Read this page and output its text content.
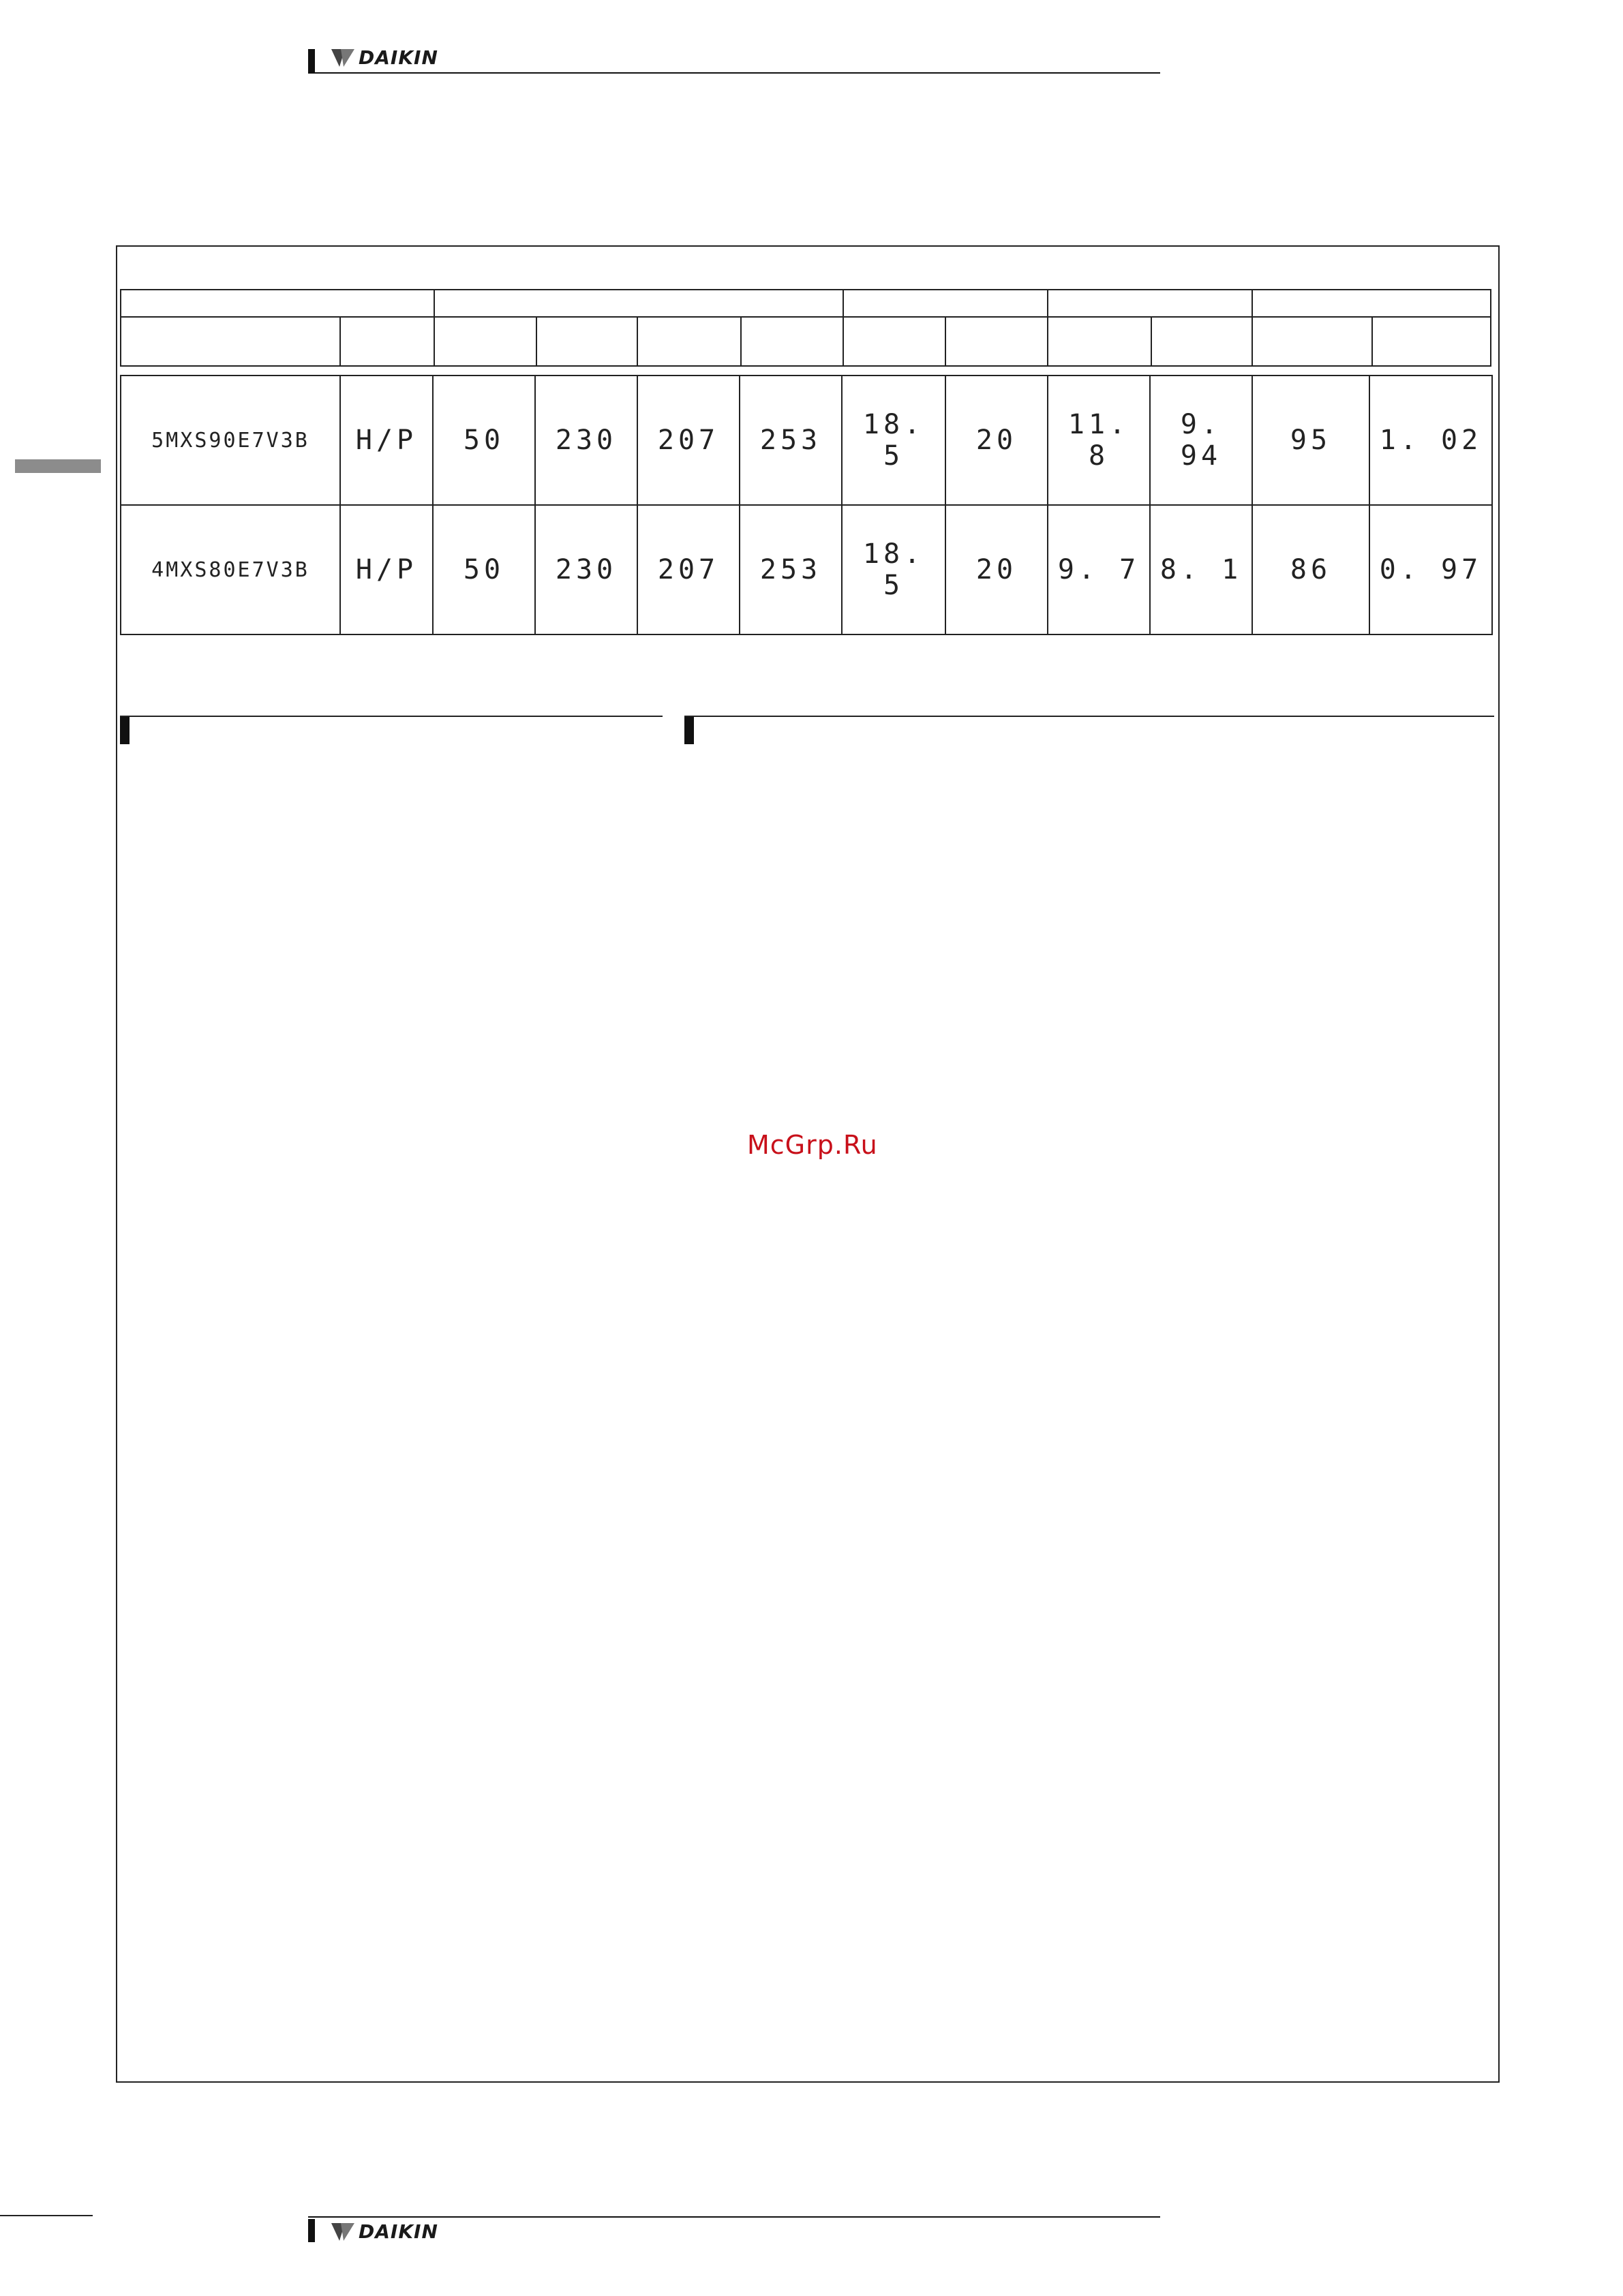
DAIKIN
5MXS90E7V3B	H/P	50	230	207	253	18. 5	20	11. 8	9. 94	95	1. 02
4MXS80E7V3B	H/P	50	230	207	253	18. 5	20	9. 7	8. 1	86	0. 97
McGrp.Ru
DAIKIN
